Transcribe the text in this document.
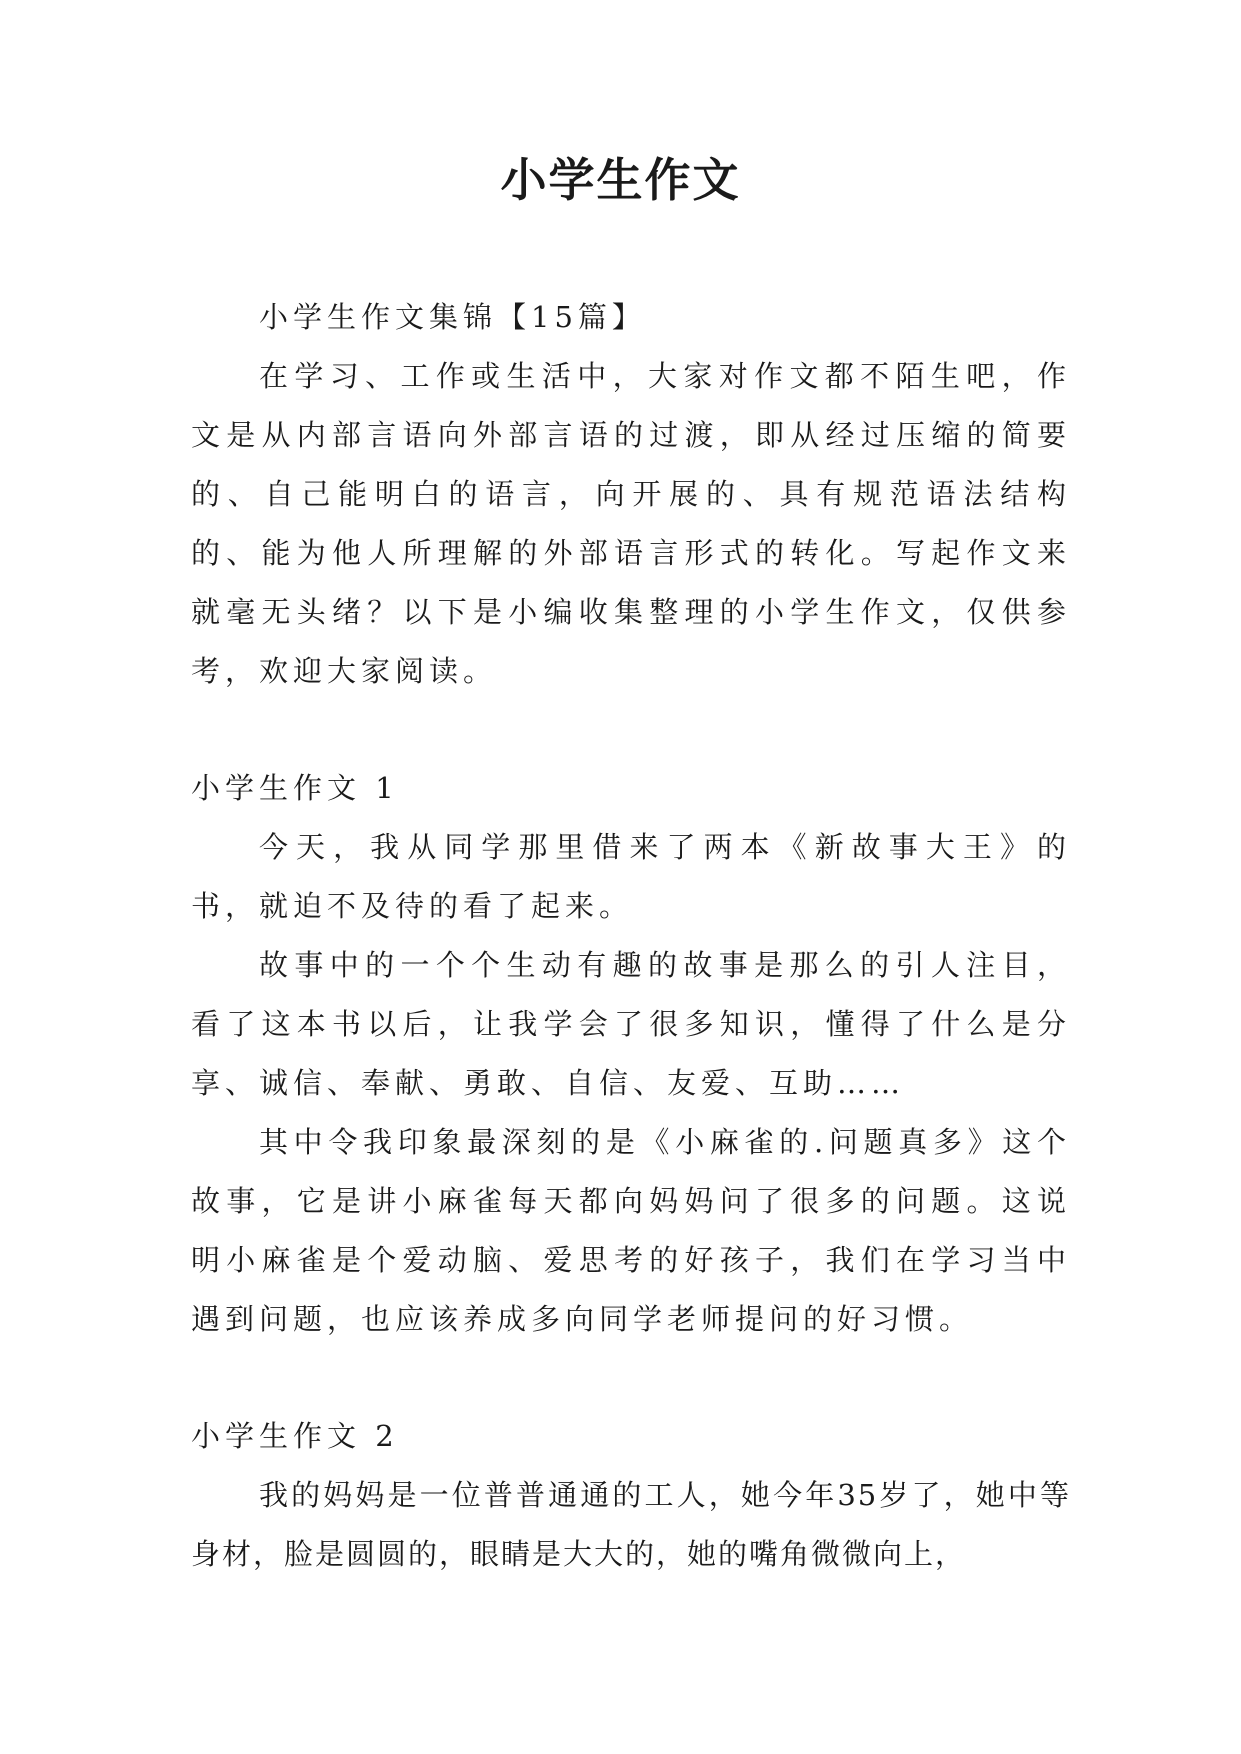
小学生作文

小学生作文集锦【15篇】

在学习、工作或生活中，大家对作文都不陌生吧，作文是从内部言语向外部言语的过渡，即从经过压缩的简要的、自己能明白的语言，向开展的、具有规范语法结构的、能为他人所理解的外部语言形式的转化。写起作文来就毫无头绪？以下是小编收集整理的小学生作文，仅供参考，欢迎大家阅读。

小学生作文 1

今天，我从同学那里借来了两本《新故事大王》的书，就迫不及待的看了起来。

故事中的一个个生动有趣的故事是那么的引人注目，看了这本书以后，让我学会了很多知识，懂得了什么是分享、诚信、奉献、勇敢、自信、友爱、互助……

其中令我印象最深刻的是《小麻雀的.问题真多》这个故事，它是讲小麻雀每天都向妈妈问了很多的问题。这说明小麻雀是个爱动脑、爱思考的好孩子，我们在学习当中遇到问题，也应该养成多向同学老师提问的好习惯。

小学生作文 2

我的妈妈是一位普普通通的工人，她今年35岁了，她中等身材，脸是圆圆的，眼睛是大大的，她的嘴角微微向上，
